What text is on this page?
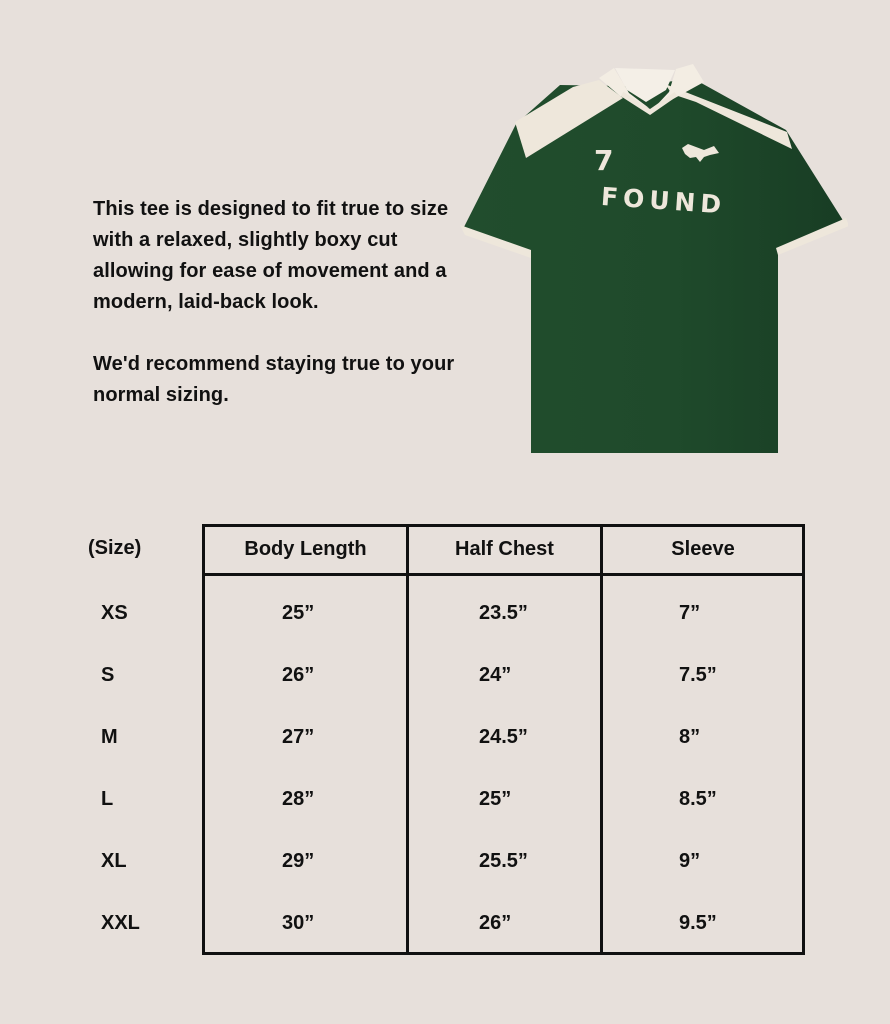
This tee is designed to fit true to size with a relaxed, slightly boxy cut allowing for ease of movement and a modern, laid-back look.

We'd recommend staying true to your normal sizing.

7
FOUND
(Size)	Body Length	Half Chest	Sleeve
XS	25”	23.5”	7”
S	26”	24”	7.5”
M	27”	24.5”	8”
L	28”	25”	8.5”
XL	29”	25.5”	9”
XXL	30”	26”	9.5”
